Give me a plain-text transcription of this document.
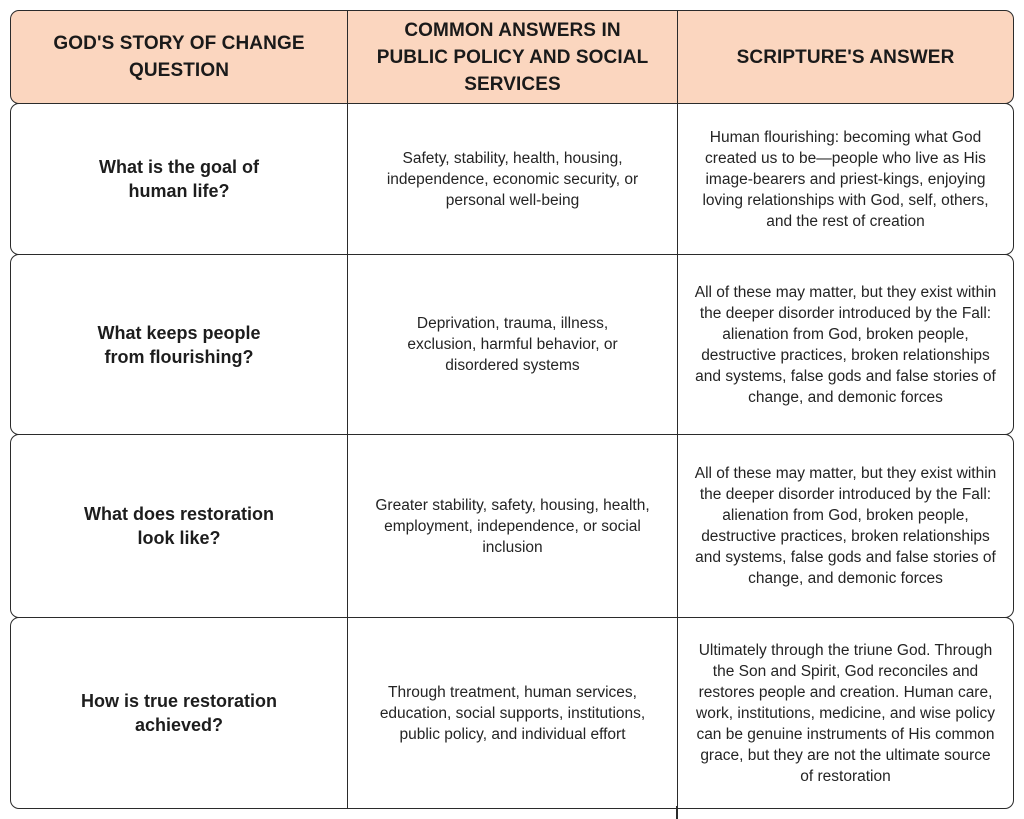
GOD'S STORY OF CHANGE QUESTION
COMMON ANSWERS IN PUBLIC POLICY AND SOCIAL SERVICES
SCRIPTURE'S ANSWER
What is the goal of human life?
Safety, stability, health, housing, independence, economic security, or personal well-being
Human flourishing: becoming what God created us to be—people who live as His image-bearers and priest-kings, enjoying loving relationships with God, self, others, and the rest of creation
What keeps people from flourishing?
Deprivation, trauma, illness, exclusion, harmful behavior, or disordered systems
All of these may matter, but they exist within the deeper disorder introduced by the Fall: alienation from God, broken people, destructive practices, broken relationships and systems, false gods and false stories of change, and demonic forces
What does restoration look like?
Greater stability, safety, housing, health, employment, independence, or social inclusion
All of these may matter, but they exist within the deeper disorder introduced by the Fall: alienation from God, broken people, destructive practices, broken relationships and systems, false gods and false stories of change, and demonic forces
How is true restoration achieved?
Through treatment, human services, education, social supports, institutions, public policy, and individual effort
Ultimately through the triune God. Through the Son and Spirit, God reconciles and restores people and creation. Human care, work, institutions, medicine, and wise policy can be genuine instruments of His common grace, but they are not the ultimate source of restoration
